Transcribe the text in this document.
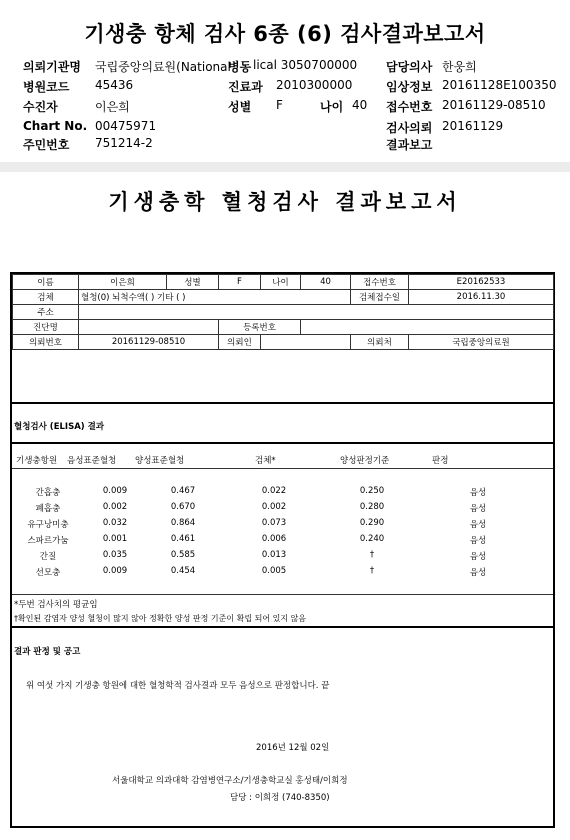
기생충 항체 검사 6종 (6) 검사결과보고서
의뢰기관명 국립중앙의료원(National
병동 lical 3050700000 담당의사 한웅희
병원코드 45436	진료과 2010300000	임상정보 20161128E100350
수진자	이은희	성별 F	나이 40 접수번호 20161129-08510
Chart No. 00475971	검사의뢰 20161129
주민번호 751214-2	결과보고
기생충학 혈청검사 결과보고서
이름	이은희	성별	F	나이	40	접수번호	E20162533
검체	혈청(0) 뇌척수액( ) 기타 ( )					검체접수일	2016.11.30
주소							
진단명			등록번호				
의뢰번호	20161129-08510		의뢰인			의뢰처	국립중앙의료원
혈청검사 (ELISA) 결과
기생충항원 음성표준혈청 양성표준혈청	검체*	양성판정기준	판정
간흡충	0.009	0.467	0.022	0.250	음성
폐흡충	0.002	0.670	0.002	0.280	음성
유구낭미충	0.032	0.864	0.073	0.290	음성
스파르가눔	0.001	0.461	0.006	0.240	음성
간질	0.035	0.585	0.013	†	음성
선모충	0.009	0.454	0.005	†	음성
*두번 검사치의 평균임
†확인된 감염자 양성 혈청이 많지 않아 정확한 양성 판정 기준이 확립 되어 있지 않음
결과 판정 및 공고
위 여섯 가지 기생충 항원에 대한 혈청학적 검사결과 모두 음성으로 판정합니다. 끝
2016년 12월 02일
서울대학교 의과대학 감염병연구소/기생충학교실 홍성태/이희정
담당 : 이희정 (740-8350)
